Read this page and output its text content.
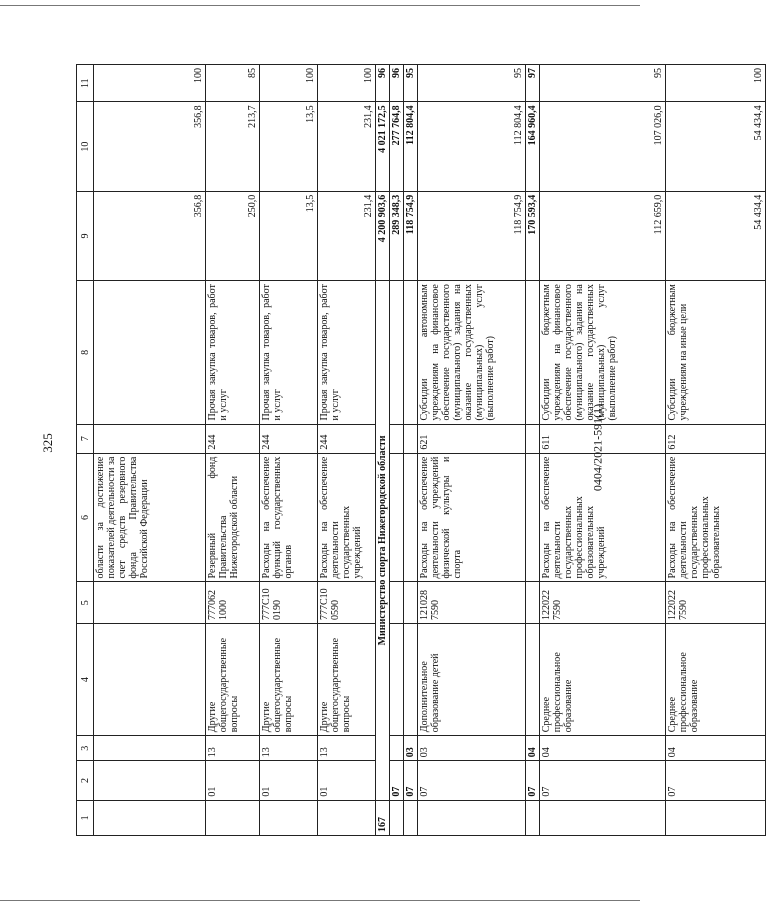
325	0404/2021-591(1)
1	2	3	4	5	6	7	8	9	10	11
					области за достижение показателей деятельности за счет средств резервного фонда Правительства Российской Федерации			356,8	356,8	100
	01	13	Другие общегосударственные вопросы	777062 1000	Резервный фонд Правительства Нижегородской области	244	Прочая закупка товаров, работ и услуг	250,0	213,7	85
	01	13	Другие общегосударственные вопросы	777С10 0190	Расходы на обеспечение функций государственных органов	244	Прочая закупка товаров, работ и услуг	13,5	13,5	100
	01	13	Другие общегосударственные вопросы	777С10 0590	Расходы на обеспечение деятельности государственных учреждений	244	Прочая закупка товаров, работ и услуг	231,4	231,4	100
167	Министерство спорта Нижегородской области							4 200 903,6	4 021 172,5	96
	07							289 348,3	277 764,8	96
	07	03						118 754,9	112 804,4	95
	07	03	Дополнительное образование детей	121028 7590	Расходы на обеспечение деятельности учреждений физической культуры и спорта	621	Субсидии автономным учреждениям на финансовое обеспечение государственного (муниципального) задания на оказание государственных (муниципальных) услуг (выполнение работ)	118 754,9	112 804,4	95
	07	04						170 593,4	164 960,4	97
	07	04	Среднее профессиональное образование	122022 7590	Расходы на обеспечение деятельности государственных профессиональных образовательных учреждений	611	Субсидии бюджетным учреждениям на финансовое обеспечение государственного (муниципального) задания на оказание государственных (муниципальных) услуг (выполнение работ)	112 659,0	107 026,0	95
	07	04	Среднее профессиональное образование	122022 7590	Расходы на обеспечение деятельности государственных профессиональных образовательных	612	Субсидии бюджетным учреждениям на иные цели	54 434,4	54 434,4	100
